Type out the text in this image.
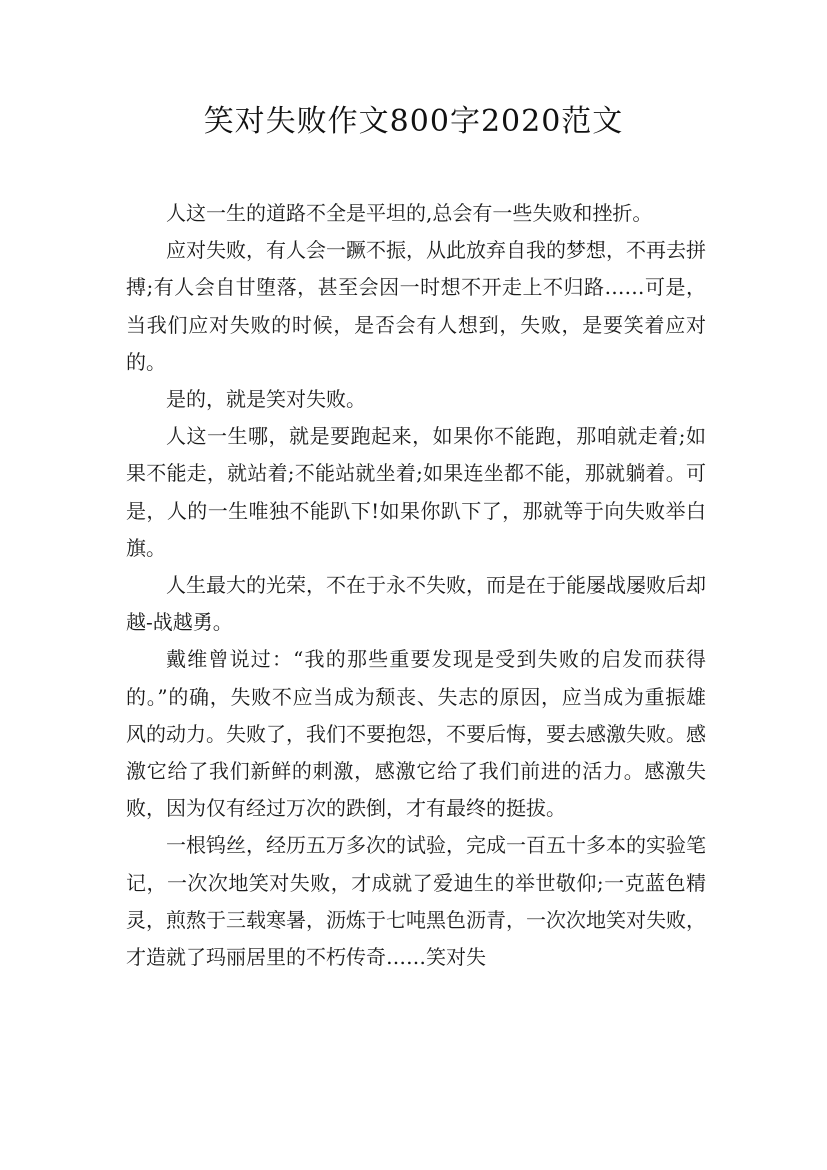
笑对失败作文800字2020范文

人这一生的道路不全是平坦的,总会有一些失败和挫折。

应对失败，有人会一蹶不振，从此放弃自我的梦想，不再去拼搏;有人会自甘堕落，甚至会因一时想不开走上不归路……可是，当我们应对失败的时候，是否会有人想到，失败，是要笑着应对的。

是的，就是笑对失败。

人这一生哪，就是要跑起来，如果你不能跑，那咱就走着;如果不能走，就站着;不能站就坐着;如果连坐都不能，那就躺着。可是，人的一生唯独不能趴下!如果你趴下了，那就等于向失败举白旗。

人生最大的光荣，不在于永不失败，而是在于能屡战屡败后却越-战越勇。

戴维曾说过：“我的那些重要发现是受到失败的启发而获得的。”的确，失败不应当成为颓丧、失志的原因，应当成为重振雄风的动力。失败了，我们不要抱怨，不要后悔，要去感激失败。感激它给了我们新鲜的刺激，感激它给了我们前进的活力。感激失败，因为仅有经过万次的跌倒，才有最终的挺拔。

一根钨丝，经历五万多次的试验，完成一百五十多本的实验笔记，一次次地笑对失败，才成就了爱迪生的举世敬仰;一克蓝色精灵，煎熬于三载寒暑，沥炼于七吨黑色沥青，一次次地笑对失败，才造就了玛丽居里的不朽传奇……笑对失
